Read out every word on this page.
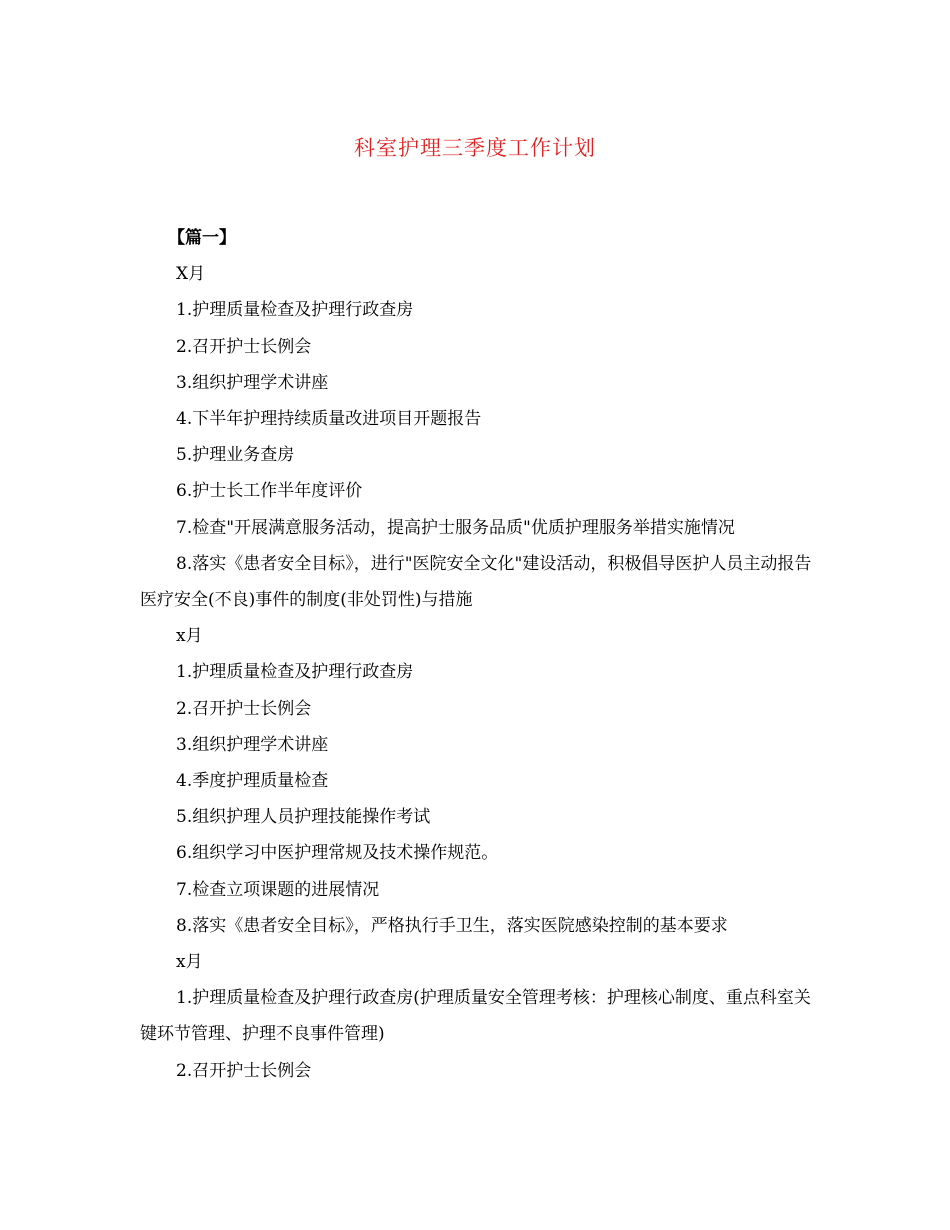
科室护理三季度工作计划

【篇一】

X月

1.护理质量检查及护理行政查房

2.召开护士长例会

3.组织护理学术讲座

4.下半年护理持续质量改进项目开题报告

5.护理业务查房

6.护士长工作半年度评价

7.检查"开展满意服务活动，提高护士服务品质"优质护理服务举措实施情况

8.落实《患者安全目标》，进行"医院安全文化"建设活动，积极倡导医护人员主动报告医疗安全(不良)事件的制度(非处罚性)与措施

x月

1.护理质量检查及护理行政查房

2.召开护士长例会

3.组织护理学术讲座

4.季度护理质量检查

5.组织护理人员护理技能操作考试

6.组织学习中医护理常规及技术操作规范。

7.检查立项课题的进展情况

8.落实《患者安全目标》，严格执行手卫生，落实医院感染控制的基本要求

x月

1.护理质量检查及护理行政查房(护理质量安全管理考核：护理核心制度、重点科室关键环节管理、护理不良事件管理)

2.召开护士长例会
